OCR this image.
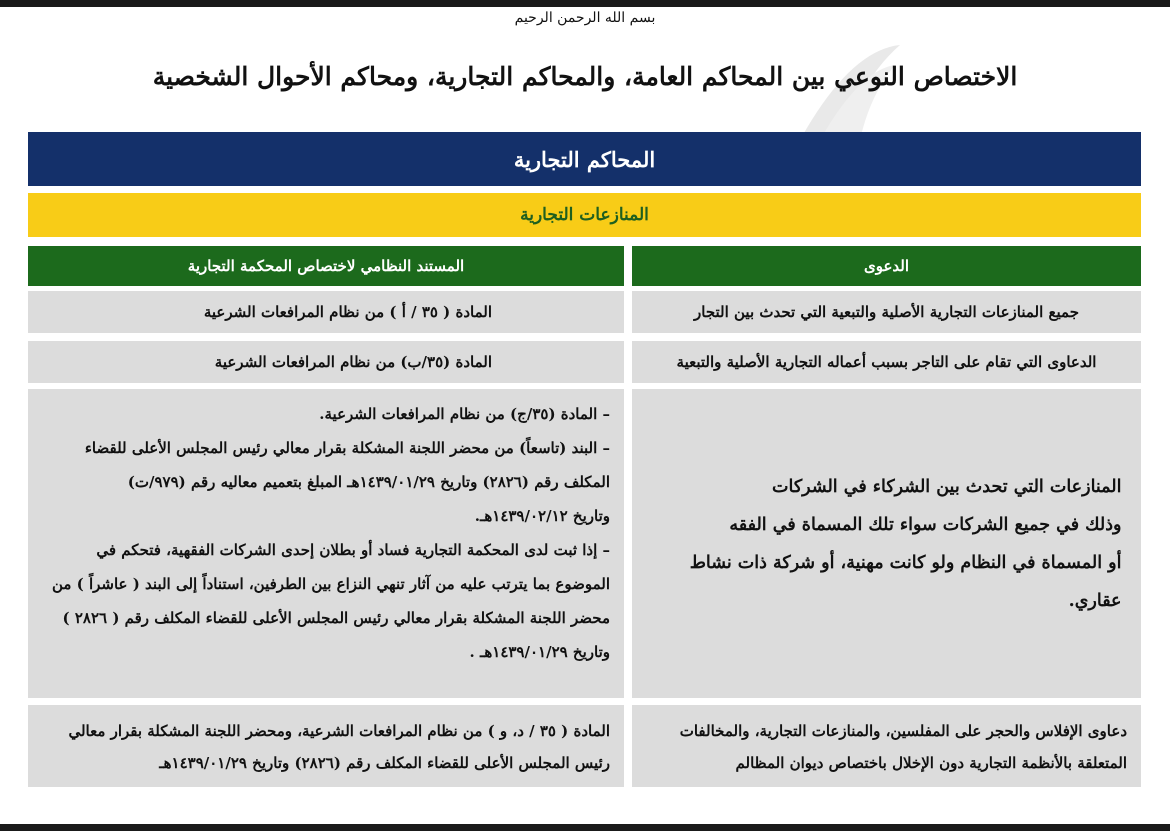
بسم الله الرحمن الرحيم
الاختصاص النوعي بين المحاكم العامة، والمحاكم التجارية، ومحاكم الأحوال الشخصية
المحاكم التجارية
المنازعات التجارية
الدعوى
المستند النظامي لاختصاص المحكمة التجارية
جميع المنازعات التجارية الأصلية والتبعية التي تحدث بين التجار
المادة ( ٣٥ / أ ) من نظام المرافعات الشرعية
الدعاوى التي تقام على التاجر بسبب أعماله التجارية الأصلية والتبعية
المادة (٣٥/ب) من نظام المرافعات الشرعية
المنازعات التي تحدث بين الشركاء في الشركات
وذلك في جميع الشركات سواء تلك المسماة في الفقه
أو المسماة في النظام ولو كانت مهنية، أو شركة ذات نشاط
عقاري.
– المادة (٣٥/ج) من نظام المرافعات الشرعية.
– البند (تاسعاً) من محضر اللجنة المشكلة بقرار معالي رئيس المجلس الأعلى للقضاء
المكلف رقم (٢٨٢٦) وتاريخ ١٤٣٩/٠١/٢٩هـ المبلغ بتعميم معاليه رقم (٩٧٩/ت)
وتاريخ ١٤٣٩/٠٢/١٢هـ.
– إذا ثبت لدى المحكمة التجارية فساد أو بطلان إحدى الشركات الفقهية، فتحكم في
الموضوع بما يترتب عليه من آثار تنهي النزاع بين الطرفين، استناداً إلى البند ( عاشراً ) من
محضر اللجنة المشكلة بقرار معالي رئيس المجلس الأعلى للقضاء المكلف رقم ( ٢٨٢٦ )
وتاريخ ١٤٣٩/٠١/٢٩هـ .
دعاوى الإفلاس والحجر على المفلسين، والمنازعات التجارية، والمخالفات
المتعلقة بالأنظمة التجارية دون الإخلال باختصاص ديوان المظالم
المادة ( ٣٥ / د، و ) من نظام المرافعات الشرعية، ومحضر اللجنة المشكلة بقرار معالي
رئيس المجلس الأعلى للقضاء المكلف رقم (٢٨٢٦) وتاريخ ١٤٣٩/٠١/٢٩هـ
